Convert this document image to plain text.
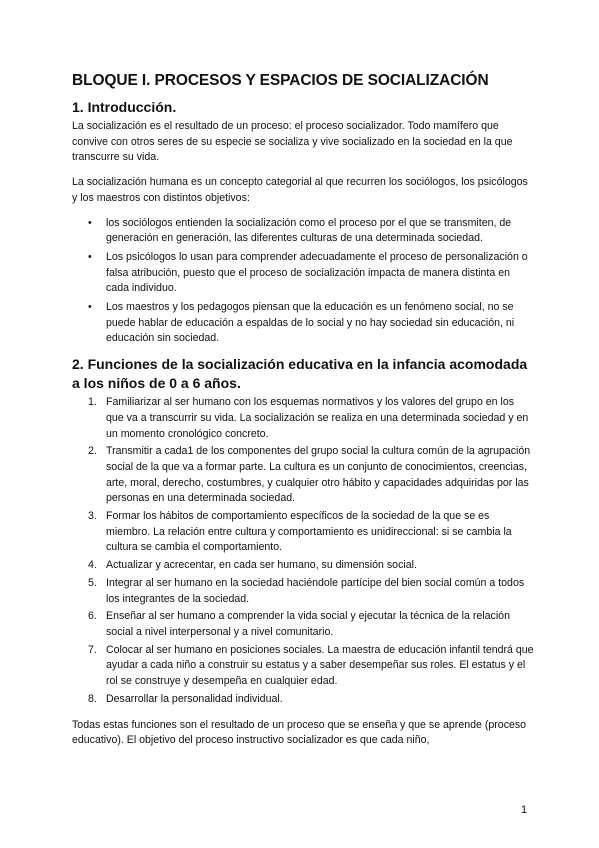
BLOQUE I. PROCESOS Y ESPACIOS DE SOCIALIZACIÓN
1. Introducción.

La socialización es el resultado de un proceso: el proceso socializador. Todo mamífero que convive con otros seres de su especie se socializa y vive socializado en la sociedad en la que transcurre su vida.

La socialización humana es un concepto categorial al que recurren los sociólogos, los psicólogos y los maestros con distintos objetivos:

• los sociólogos entienden la socialización como el proceso por el que se transmiten, de generación en generación, las diferentes culturas de una determinada sociedad.
• Los psicólogos lo usan para comprender adecuadamente el proceso de personalización o falsa atribución, puesto que el proceso de socialización impacta de manera distinta en cada individuo.
• Los maestros y los pedagogos piensan que la educación es un fenómeno social, no se puede hablar de educación a espaldas de lo social y no hay sociedad sin educación, ni educación sin sociedad.
2. Funciones de la socialización educativa en la infancia acomodada a los niños de 0 a 6 años.
1. Familiarizar al ser humano con los esquemas normativos y los valores del grupo en los que va a transcurrir su vida. La socialización se realiza en una determinada sociedad y en un momento cronológico concreto.
2. Transmitir a cada1 de los componentes del grupo social la cultura común de la agrupación social de la que va a formar parte. La cultura es un conjunto de conocimientos, creencias, arte, moral, derecho, costumbres, y cualquier otro hábito y capacidades adquiridas por las personas en una determinada sociedad.
3. Formar los hábitos de comportamiento específicos de la sociedad de la que se es miembro. La relación entre cultura y comportamiento es unidireccional: si se cambia la cultura se cambia el comportamiento.
4. Actualizar y acrecentar, en cada ser humano, su dimensión social.
5. Integrar al ser humano en la sociedad haciéndole partícipe del bien social común a todos los integrantes de la sociedad.
6. Enseñar al ser humano a comprender la vida social y ejecutar la técnica de la relación social a nivel interpersonal y a nivel comunitario.
7. Colocar al ser humano en posiciones sociales. La maestra de educación infantil tendrá que ayudar a cada niño a construir su estatus y a saber desempeñar sus roles. El estatus y el rol se construye y desempeña en cualquier edad.
8. Desarrollar la personalidad individual.

Todas estas funciones son el resultado de un proceso que se enseña y que se aprende (proceso educativo). El objetivo del proceso instructivo socializador es que cada niño,

1
